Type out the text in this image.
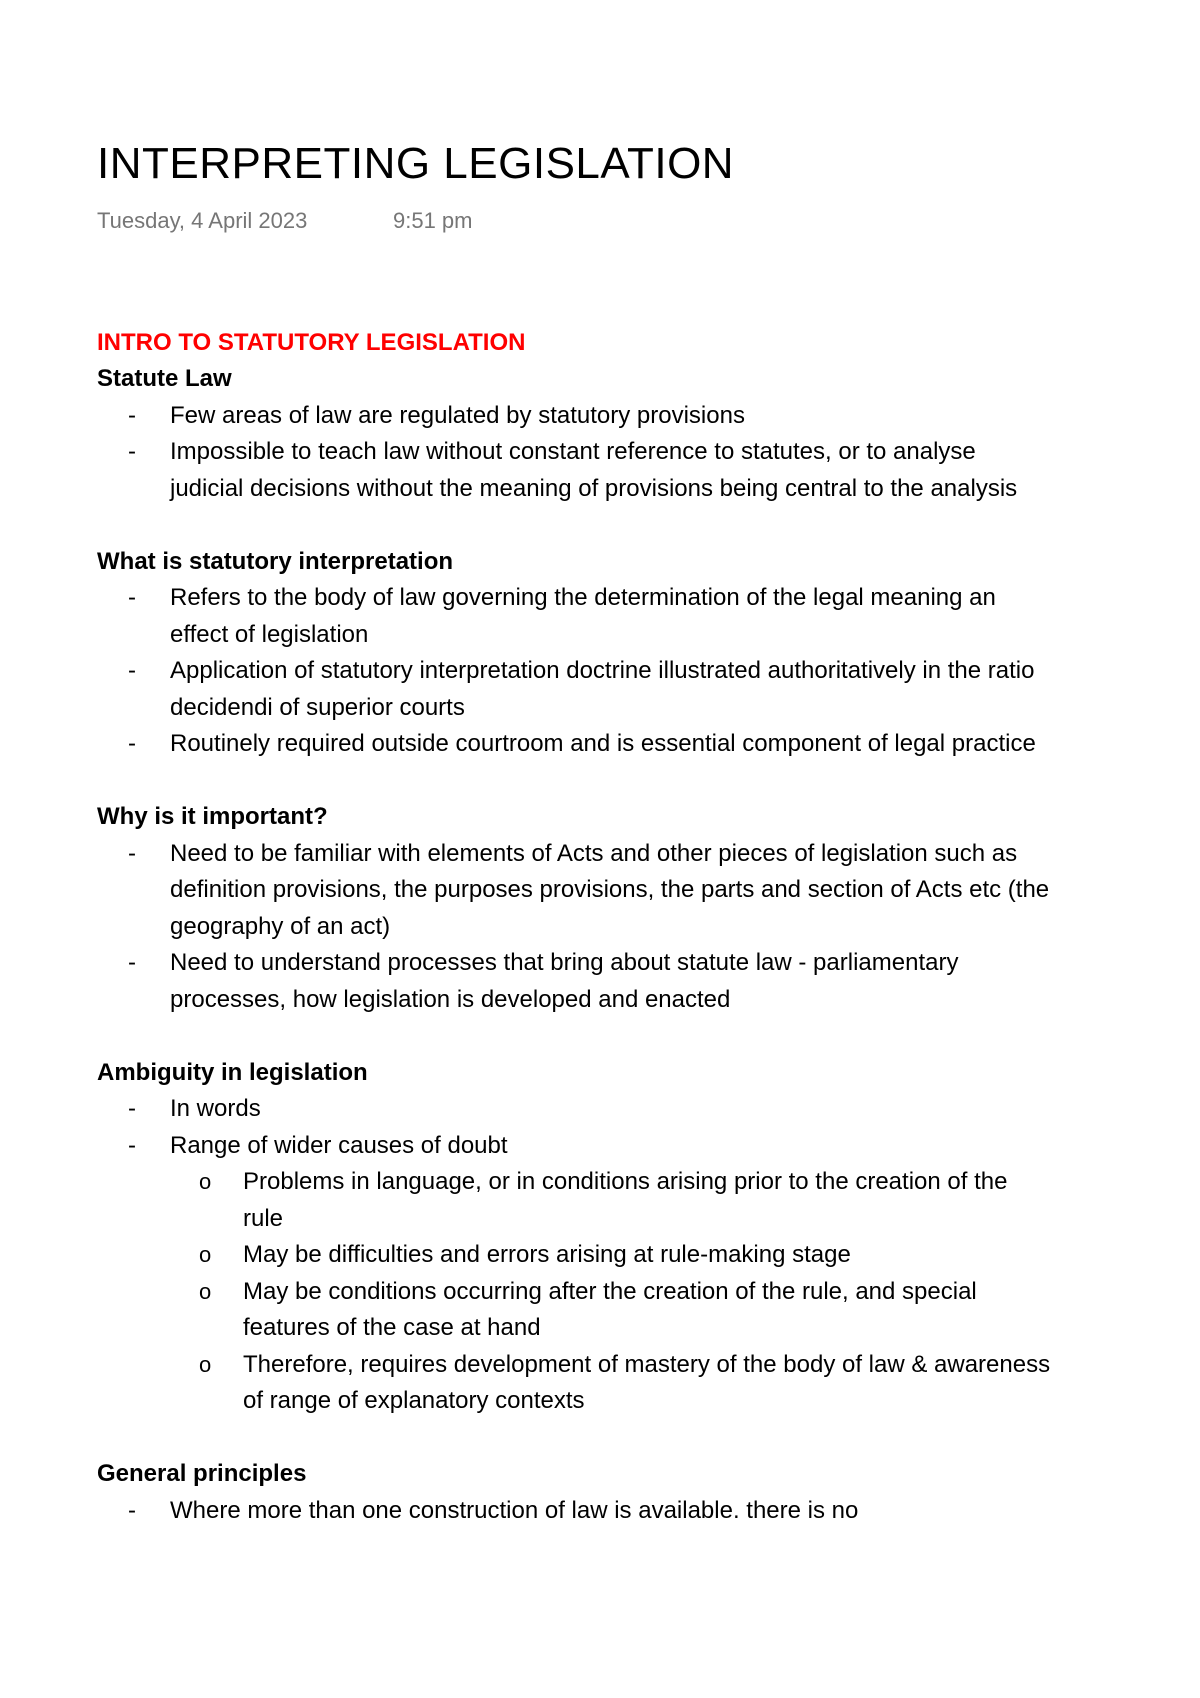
INTERPRETING LEGISLATION
Tuesday, 4 April 2023	9:51 pm
INTRO TO STATUTORY LEGISLATION
Statute Law
- Few areas of law are regulated by statutory provisions
- Impossible to teach law without constant reference to statutes, or to analyse judicial decisions without the meaning of provisions being central to the analysis
What is statutory interpretation
- Refers to the body of law governing the determination of the legal meaning an effect of legislation
- Application of statutory interpretation doctrine illustrated authoritatively in the ratio decidendi of superior courts
- Routinely required outside courtroom and is essential component of legal practice
Why is it important?
- Need to be familiar with elements of Acts and other pieces of legislation such as definition provisions, the purposes provisions, the parts and section of Acts etc (the geography of an act)
- Need to understand processes that bring about statute law - parliamentary processes, how legislation is developed and enacted
Ambiguity in legislation
- In words
- Range of wider causes of doubt
o Problems in language, or in conditions arising prior to the creation of the rule
o May be difficulties and errors arising at rule-making stage
o May be conditions occurring after the creation of the rule, and special features of the case at hand
o Therefore, requires development of mastery of the body of law & awareness of range of explanatory contexts
General principles
- Where more than one construction of law is available. there is no
